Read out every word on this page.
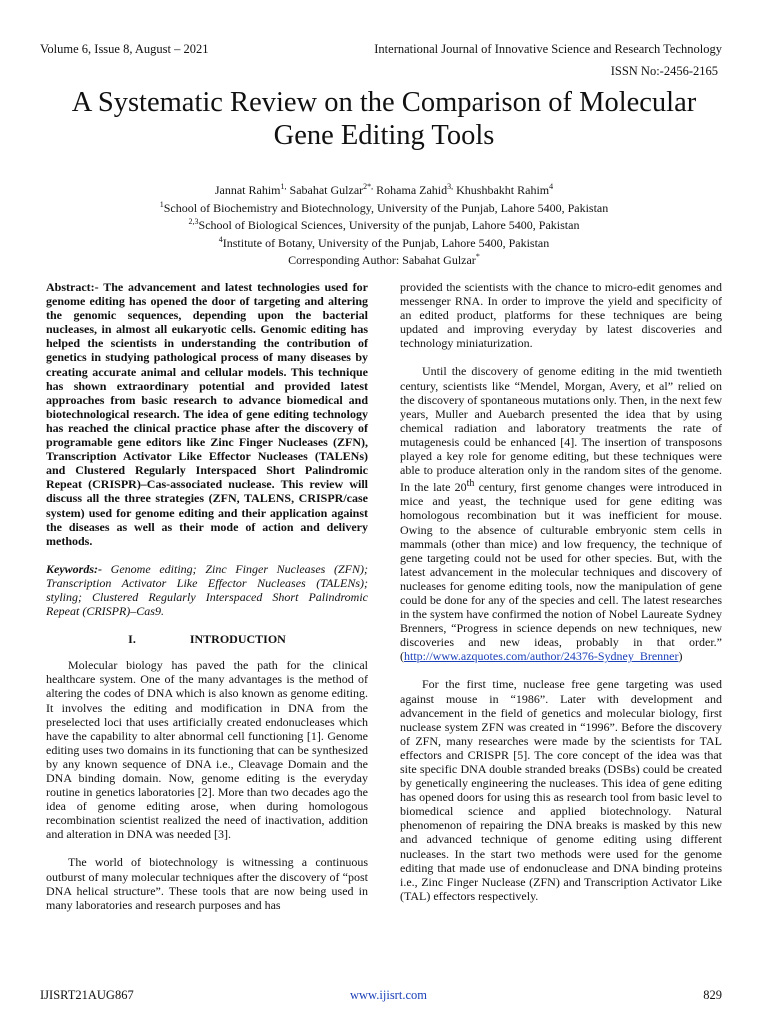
Volume 6, Issue 8, August – 2021	International Journal of Innovative Science and Research Technology
ISSN No:-2456-2165
A Systematic Review on the Comparison of Molecular Gene Editing Tools
Jannat Rahim$^{1,}$ Sabahat Gulzar$^{2*,}$ Rohama Zahid$^{3,}$ Khushbakht Rahim$^4$
$^1$School of Biochemistry and Biotechnology, University of the Punjab, Lahore 5400, Pakistan
$^{2,3}$School of Biological Sciences, University of the punjab, Lahore 5400, Pakistan
$^4$Institute of Botany, University of the Punjab, Lahore 5400, Pakistan
Corresponding Author: Sabahat Gulzar*

Abstract:- The advancement and latest technologies used for genome editing has opened the door of targeting and altering the genomic sequences, depending upon the bacterial nucleases, in almost all eukaryotic cells. Genomic editing has helped the scientists in understanding the contribution of genetics in studying pathological process of many diseases by creating accurate animal and cellular models. This technique has shown extraordinary potential and provided latest approaches from basic research to advance biomedical and biotechnological research. The idea of gene editing technology has reached the clinical practice phase after the discovery of programable gene editors like Zinc Finger Nucleases (ZFN), Transcription Activator Like Effector Nucleases (TALENs) and Clustered Regularly Interspaced Short Palindromic Repeat (CRISPR)–Cas-associated nuclease. This review will discuss all the three strategies (ZFN, TALENS, CRISPR/case system) used for genome editing and their application against the diseases as well as their mode of action and delivery methods.

Keywords:- Genome editing; Zinc Finger Nucleases (ZFN); Transcription Activator Like Effector Nucleases (TALENs); styling; Clustered Regularly Interspaced Short Palindromic Repeat (CRISPR)–Cas9.

I.	INTRODUCTION

Molecular biology has paved the path for the clinical healthcare system. One of the many advantages is the method of altering the codes of DNA which is also known as genome editing. It involves the editing and modification in DNA from the preselected loci that uses artificially created endonucleases which have the capability to alter abnormal cell functioning [1]. Genome editing uses two domains in its functioning that can be synthesized by any known sequence of DNA i.e., Cleavage Domain and the DNA binding domain. Now, genome editing is the everyday routine in genetics laboratories [2]. More than two decades ago the idea of genome editing arose, when during homologous recombination scientist realized the need of inactivation, addition and alteration in DNA was needed [3].

The world of biotechnology is witnessing a continuous outburst of many molecular techniques after the discovery of “post DNA helical structure”. These tools that are now being used in many laboratories and research purposes and has

provided the scientists with the chance to micro-edit genomes and messenger RNA. In order to improve the yield and specificity of an edited product, platforms for these techniques are being updated and improving everyday by latest discoveries and technology miniaturization.

Until the discovery of genome editing in the mid twentieth century, scientists like “Mendel, Morgan, Avery, et al” relied on the discovery of spontaneous mutations only. Then, in the next few years, Muller and Auebarch presented the idea that by using chemical radiation and laboratory treatments the rate of mutagenesis could be enhanced [4]. The insertion of transposons played a key role for genome editing, but these techniques were able to produce alteration only in the random sites of the genome. In the late 20th century, first genome changes were introduced in mice and yeast, the technique used for gene editing was homologous recombination but it was inefficient for mouse. Owing to the absence of culturable embryonic stem cells in mammals (other than mice) and low frequency, the technique of gene targeting could not be used for other species. But, with the latest advancement in the molecular techniques and discovery of nucleases for genome editing tools, now the manipulation of gene could be done for any of the species and cell. The latest researches in the system have confirmed the notion of Nobel Laureate Sydney Brenners, “Progress in science depends on new techniques, new discoveries and new ideas, probably in that order.” (http://www.azquotes.com/author/24376-Sydney_Brenner)

For the first time, nuclease free gene targeting was used against mouse in “1986”. Later with development and advancement in the field of genetics and molecular biology, first nuclease system ZFN was created in “1996”. Before the discovery of ZFN, many researches were made by the scientists for TAL effectors and CRISPR [5]. The core concept of the idea was that site specific DNA double stranded breaks (DSBs) could be created by genetically engineering the nucleases. This idea of gene editing has opened doors for using this as research tool from basic level to biomedical science and applied biotechnology. Natural phenomenon of repairing the DNA breaks is masked by this new and advanced technique of genome editing using different nucleases. In the start two methods were used for the genome editing that made use of endonuclease and DNA binding proteins i.e., Zinc Finger Nuclease (ZFN) and Transcription Activator Like (TAL) effectors respectively.

IJISRT21AUG867	www.ijisrt.com	829
